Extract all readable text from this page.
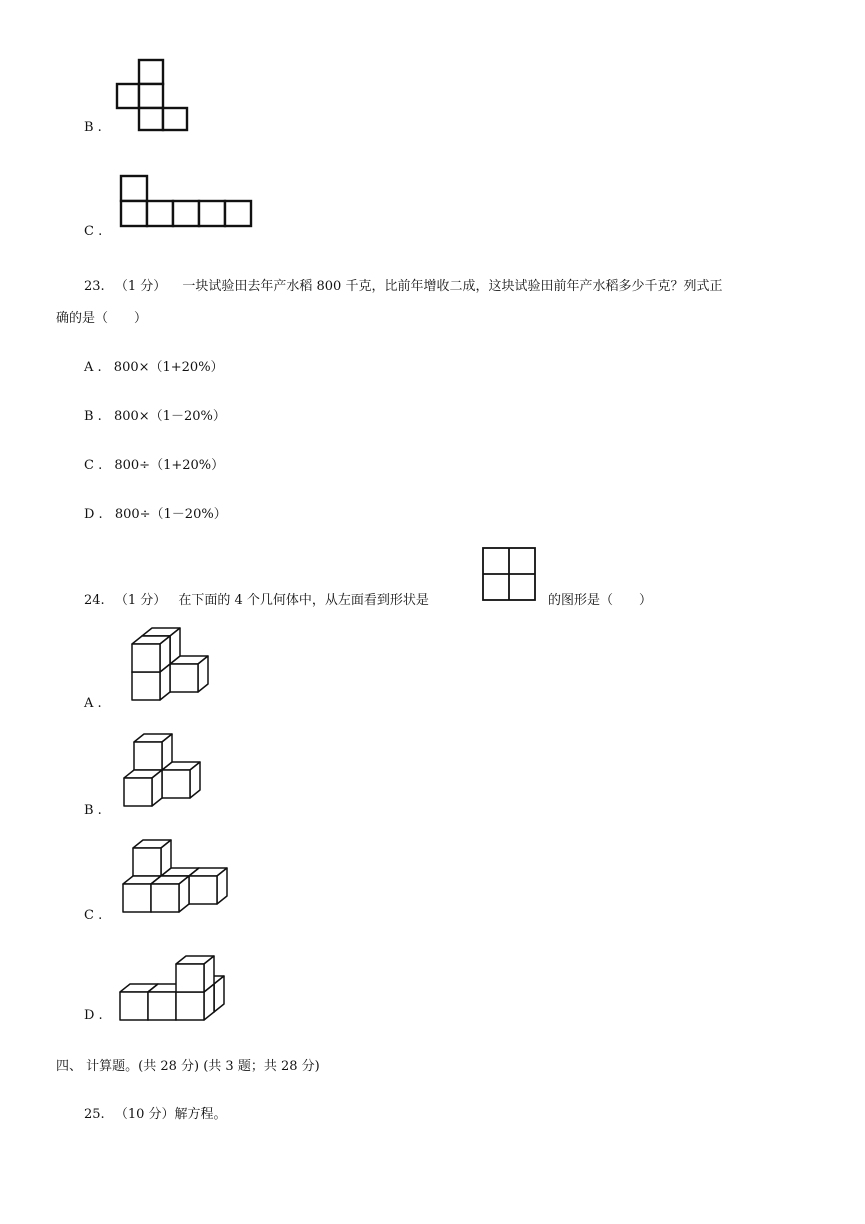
B .
C .
23. （1 分） 一块试验田去年产水稻 800 千克，比前年增收二成，这块试验田前年产水稻多少千克？列式正
确的是（　　）
A . 800×（1+20%）
B . 800×（1－20%）
C . 800÷（1+20%）
D . 800÷（1－20%）
24. （1 分） 在下面的 4 个几何体中，从左面看到形状是	的图形是（　　）
A .
B .
C .
D .
四、 计算题。(共 28 分) (共 3 题；共 28 分)
25. （10 分）解方程。
